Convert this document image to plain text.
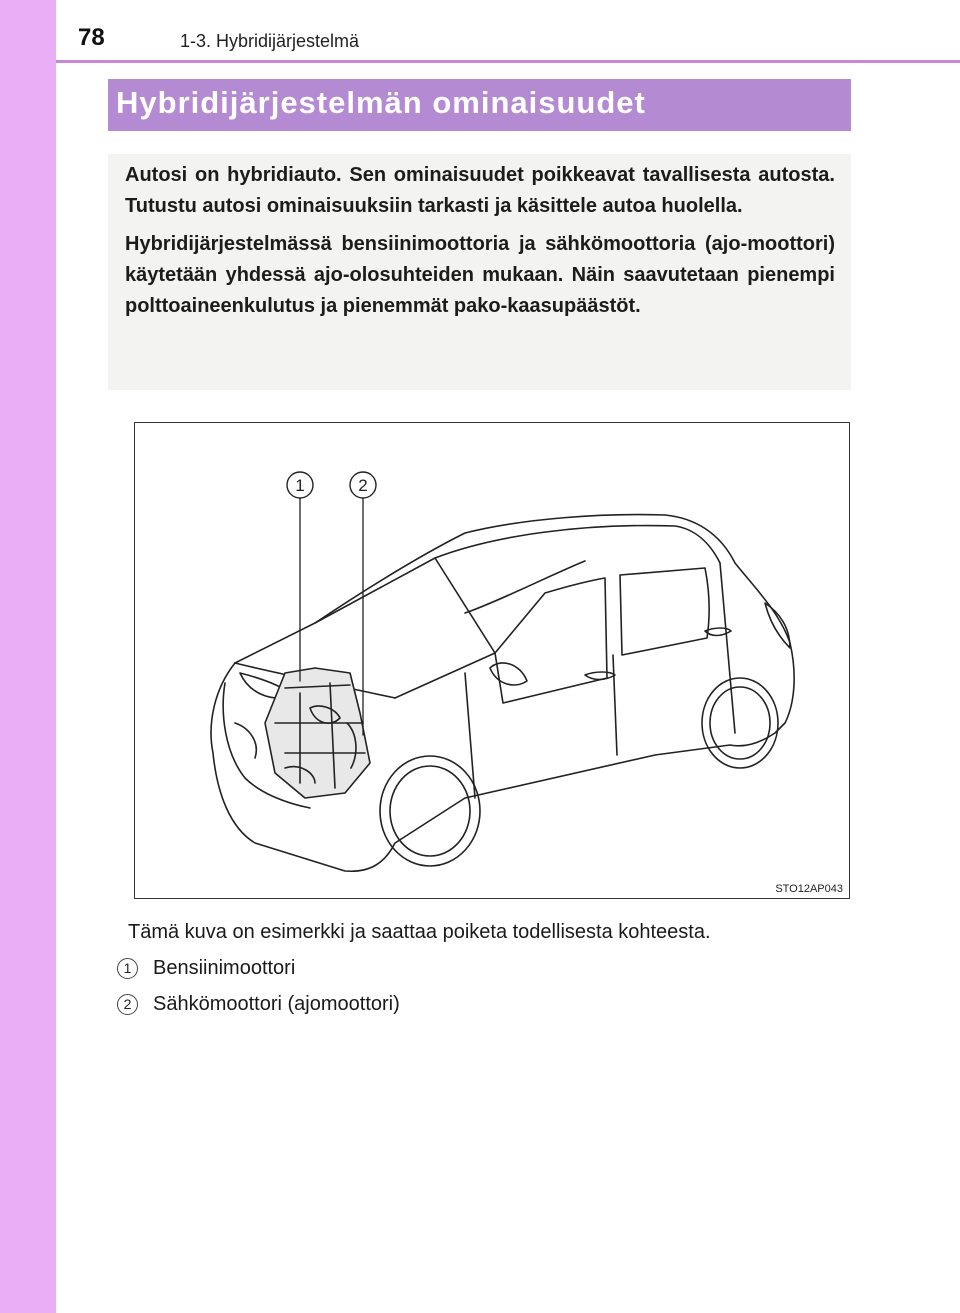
78	1-3. Hybridijärjestelmä
Hybridijärjestelmän ominaisuudet

Autosi on hybridiauto. Sen ominaisuudet poikkeavat tavallisesta autosta. Tutustu autosi ominaisuuksiin tarkasti ja käsittele autoa huolella.

Hybridijärjestelmässä bensiinimoottoria ja sähkömoottoria (ajo-moottori) käytetään yhdessä ajo-olosuhteiden mukaan. Näin saavutetaan pienempi polttoaineenkulutus ja pienemmät pako-kaasupäästöt.

1	2
STO12AP043
Tämä kuva on esimerkki ja saattaa poiketa todellisesta kohteesta.
1	Bensiinimoottori
2	Sähkömoottori (ajomoottori)
